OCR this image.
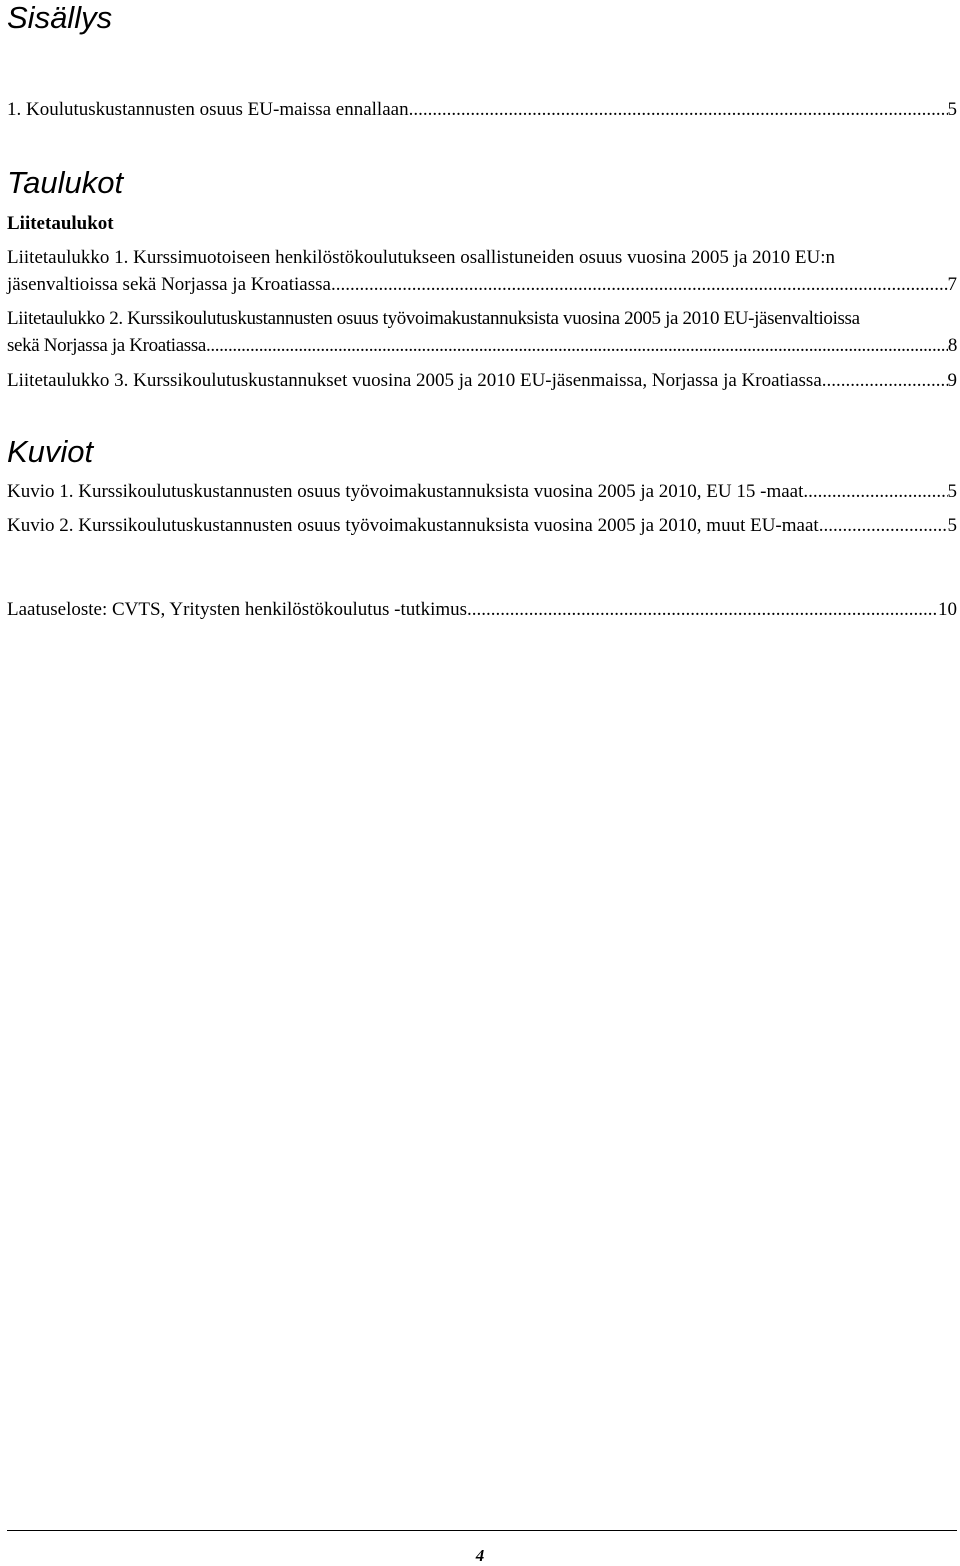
Sisällys
1. Koulutuskustannusten osuus EU-maissa ennallaan .....	5
Taulukot
Liitetaulukot
Liitetaulukko 1. Kurssimuotoiseen henkilöstökoulutukseen osallistuneiden osuus vuosina 2005 ja 2010 EU:n
jäsenvaltioissa sekä Norjassa ja Kroatiassa .....	7
Liitetaulukko 2. Kurssikoulutuskustannusten osuus työvoimakustannuksista vuosina 2005 ja 2010 EU-jäsenvaltioissa
sekä Norjassa ja Kroatiassa .....	8
Liitetaulukko 3. Kurssikoulutuskustannukset vuosina 2005 ja 2010 EU-jäsenmaissa, Norjassa ja Kroatiassa .....	9
Kuviot
Kuvio 1. Kurssikoulutuskustannusten osuus työvoimakustannuksista vuosina 2005 ja 2010, EU 15 -maat .....	5
Kuvio 2. Kurssikoulutuskustannusten osuus työvoimakustannuksista vuosina 2005 ja 2010, muut EU-maat .....	5
Laatuseloste: CVTS, Yritysten henkilöstökoulutus -tutkimus .....	10
4
